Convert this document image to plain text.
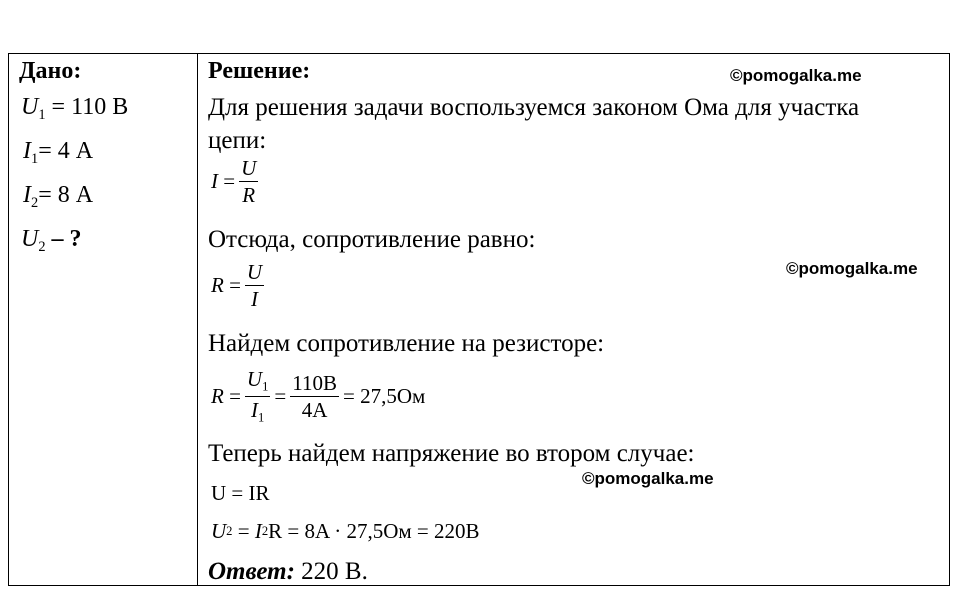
Дано:
$U_1 = 110$ В
$I_1= 4$ А
$I_2= 8$ А
$U_2$ – ?
Решение:
Для решения задачи воспользуемся законом Ома для участка
цепи:
$I = \frac{U}{R}$
Отсюда, сопротивление равно:
$R = \frac{U}{I}$
Найдем сопротивление на резисторе:
$R = \frac{U_1}{I_1} = \frac{110B}{4A} = 27,5Ом$
Теперь найдем напряжение во втором случае:
U = IR
U 2 = I 2 R = 8A · 27,5Ом = 220B
Ответ: 220 В.
©pomogalka.me
©pomogalka.me
©pomogalka.me
